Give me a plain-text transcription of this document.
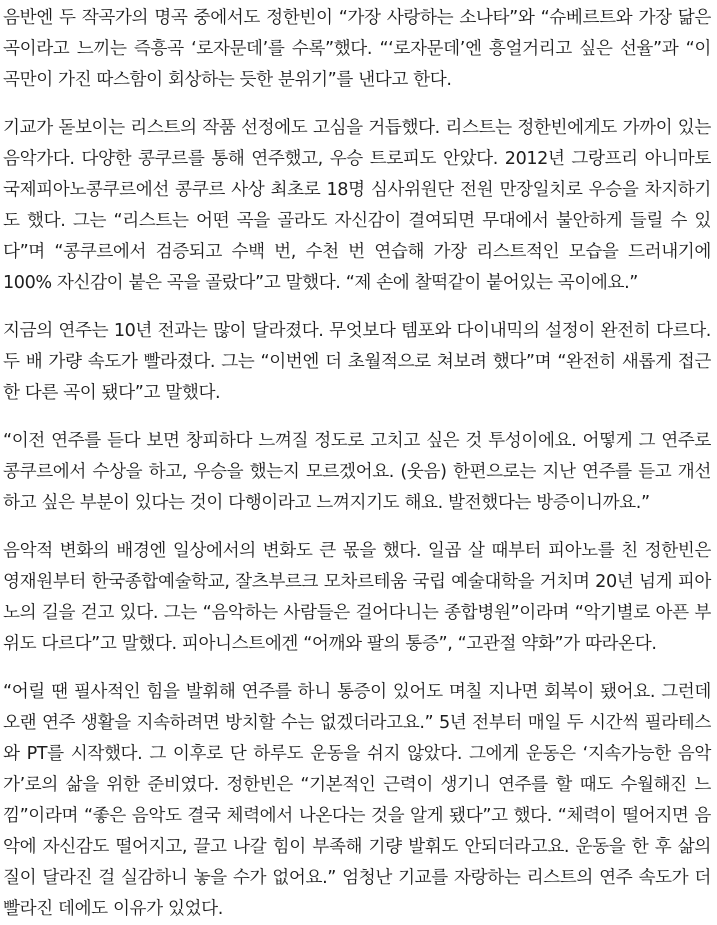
음반엔 두 작곡가의 명곡 중에서도 정한빈이 “가장 사랑하는 소나타”와 “슈베르트와 가장 닮은 곡이라고 느끼는 즉흥곡 ‘로자문데’를 수록”했다. “‘로자문데’엔 흥얼거리고 싶은 선율”과 “이 곡만이 가진 따스함이 회상하는 듯한 분위기”를 낸다고 한다.

기교가 돋보이는 리스트의 작품 선정에도 고심을 거듭했다. 리스트는 정한빈에게도 가까이 있는 음악가다. 다양한 콩쿠르를 통해 연주했고, 우승 트로피도 안았다. 2012년 그랑프리 아니마토 국제피아노콩쿠르에선 콩쿠르 사상 최초로 18명 심사위원단 전원 만장일치로 우승을 차지하기도 했다. 그는 “리스트는 어떤 곡을 골라도 자신감이 결여되면 무대에서 불안하게 들릴 수 있다”며 “콩쿠르에서 검증되고 수백 번, 수천 번 연습해 가장 리스트적인 모습을 드러내기에 100% 자신감이 붙은 곡을 골랐다”고 말했다. “제 손에 찰떡같이 붙어있는 곡이에요.”

지금의 연주는 10년 전과는 많이 달라졌다. 무엇보다 템포와 다이내믹의 설정이 완전히 다르다. 두 배 가량 속도가 빨라졌다. 그는 “이번엔 더 초월적으로 쳐보려 했다”며 “완전히 새롭게 접근한 다른 곡이 됐다”고 말했다.

“이전 연주를 듣다 보면 창피하다 느껴질 정도로 고치고 싶은 것 투성이에요. 어떻게 그 연주로 콩쿠르에서 수상을 하고, 우승을 했는지 모르겠어요. (웃음) 한편으로는 지난 연주를 듣고 개선하고 싶은 부분이 있다는 것이 다행이라고 느껴지기도 해요. 발전했다는 방증이니까요.”

음악적 변화의 배경엔 일상에서의 변화도 큰 몫을 했다. 일곱 살 때부터 피아노를 친 정한빈은 영재원부터 한국종합예술학교, 잘츠부르크 모차르테움 국립 예술대학을 거치며 20년 넘게 피아노의 길을 걷고 있다. 그는 “음악하는 사람들은 걸어다니는 종합병원”이라며 “악기별로 아픈 부위도 다르다”고 말했다. 피아니스트에겐 “어깨와 팔의 통증”, “고관절 약화”가 따라온다.

“어릴 땐 필사적인 힘을 발휘해 연주를 하니 통증이 있어도 며칠 지나면 회복이 됐어요. 그런데 오랜 연주 생활을 지속하려면 방치할 수는 없겠더라고요.” 5년 전부터 매일 두 시간씩 필라테스와 PT를 시작했다. 그 이후로 단 하루도 운동을 쉬지 않았다. 그에게 운동은 ‘지속가능한 음악가’로의 삶을 위한 준비였다. 정한빈은 “기본적인 근력이 생기니 연주를 할 때도 수월해진 느낌”이라며 “좋은 음악도 결국 체력에서 나온다는 것을 알게 됐다”고 했다. “체력이 떨어지면 음악에 자신감도 떨어지고, 끌고 나갈 힘이 부족해 기량 발휘도 안되더라고요. 운동을 한 후 삶의 질이 달라진 걸 실감하니 놓을 수가 없어요.” 엄청난 기교를 자랑하는 리스트의 연주 속도가 더 빨라진 데에도 이유가 있었다.
